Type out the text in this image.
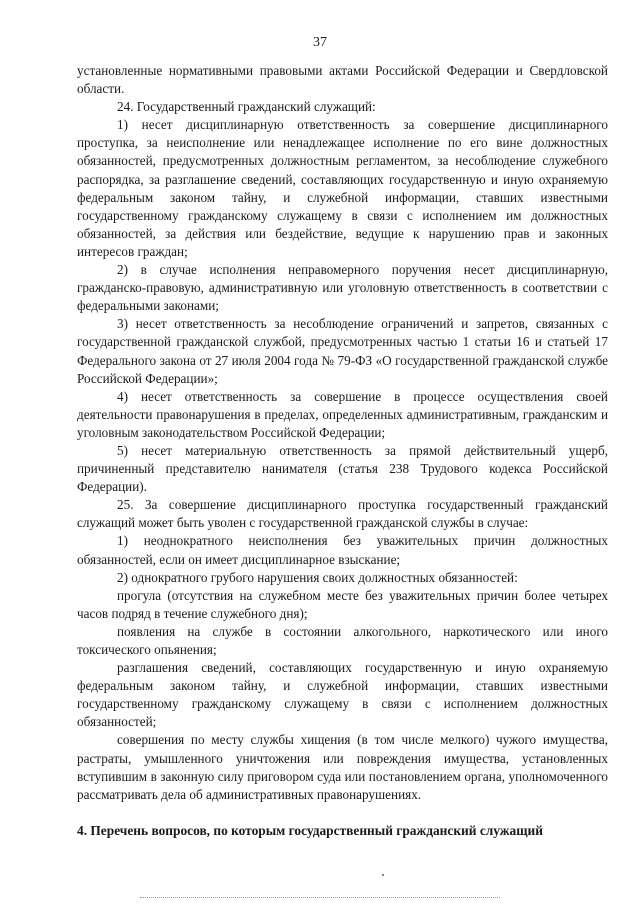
37

установленные нормативными правовыми актами Российской Федерации и Свердловской области.

24. Государственный гражданский служащий:

1) несет дисциплинарную ответственность за совершение дисциплинарного проступка, за неисполнение или ненадлежащее исполнение по его вине должностных обязанностей, предусмотренных должностным регламентом, за несоблюдение служебного распорядка, за разглашение сведений, составляющих государственную и иную охраняемую федеральным законом тайну, и служебной информации, ставших известными государственному гражданскому служащему в связи с исполнением им должностных обязанностей, за действия или бездействие, ведущие к нарушению прав и законных интересов граждан;

2) в случае исполнения неправомерного поручения несет дисциплинарную, гражданско-правовую, административную или уголовную ответственность в соответствии с федеральными законами;

3) несет ответственность за несоблюдение ограничений и запретов, связанных с государственной гражданской службой, предусмотренных частью 1 статьи 16 и статьей 17 Федерального закона от 27 июля 2004 года № 79-ФЗ «О государственной гражданской службе Российской Федерации»;

4) несет ответственность за совершение в процессе осуществления своей деятельности правонарушения в пределах, определенных административным, гражданским и уголовным законодательством Российской Федерации;

5) несет материальную ответственность за прямой действительный ущерб, причиненный представителю нанимателя (статья 238 Трудового кодекса Российской Федерации).

25. За совершение дисциплинарного проступка государственный гражданский служащий может быть уволен с государственной гражданской службы в случае:

1) неоднократного неисполнения без уважительных причин должностных обязанностей, если он имеет дисциплинарное взыскание;

2) однократного грубого нарушения своих должностных обязанностей:

прогула (отсутствия на служебном месте без уважительных причин более четырех часов подряд в течение служебного дня);

появления на службе в состоянии алкогольного, наркотического или иного токсического опьянения;

разглашения сведений, составляющих государственную и иную охраняемую федеральным законом тайну, и служебной информации, ставших известными государственному гражданскому служащему в связи с исполнением должностных обязанностей;

совершения по месту службы хищения (в том числе мелкого) чужого имущества, растраты, умышленного уничтожения или повреждения имущества, установленных вступившим в законную силу приговором суда или постановлением органа, уполномоченного рассматривать дела об административных правонарушениях.

4. Перечень вопросов, по которым государственный гражданский служащий
